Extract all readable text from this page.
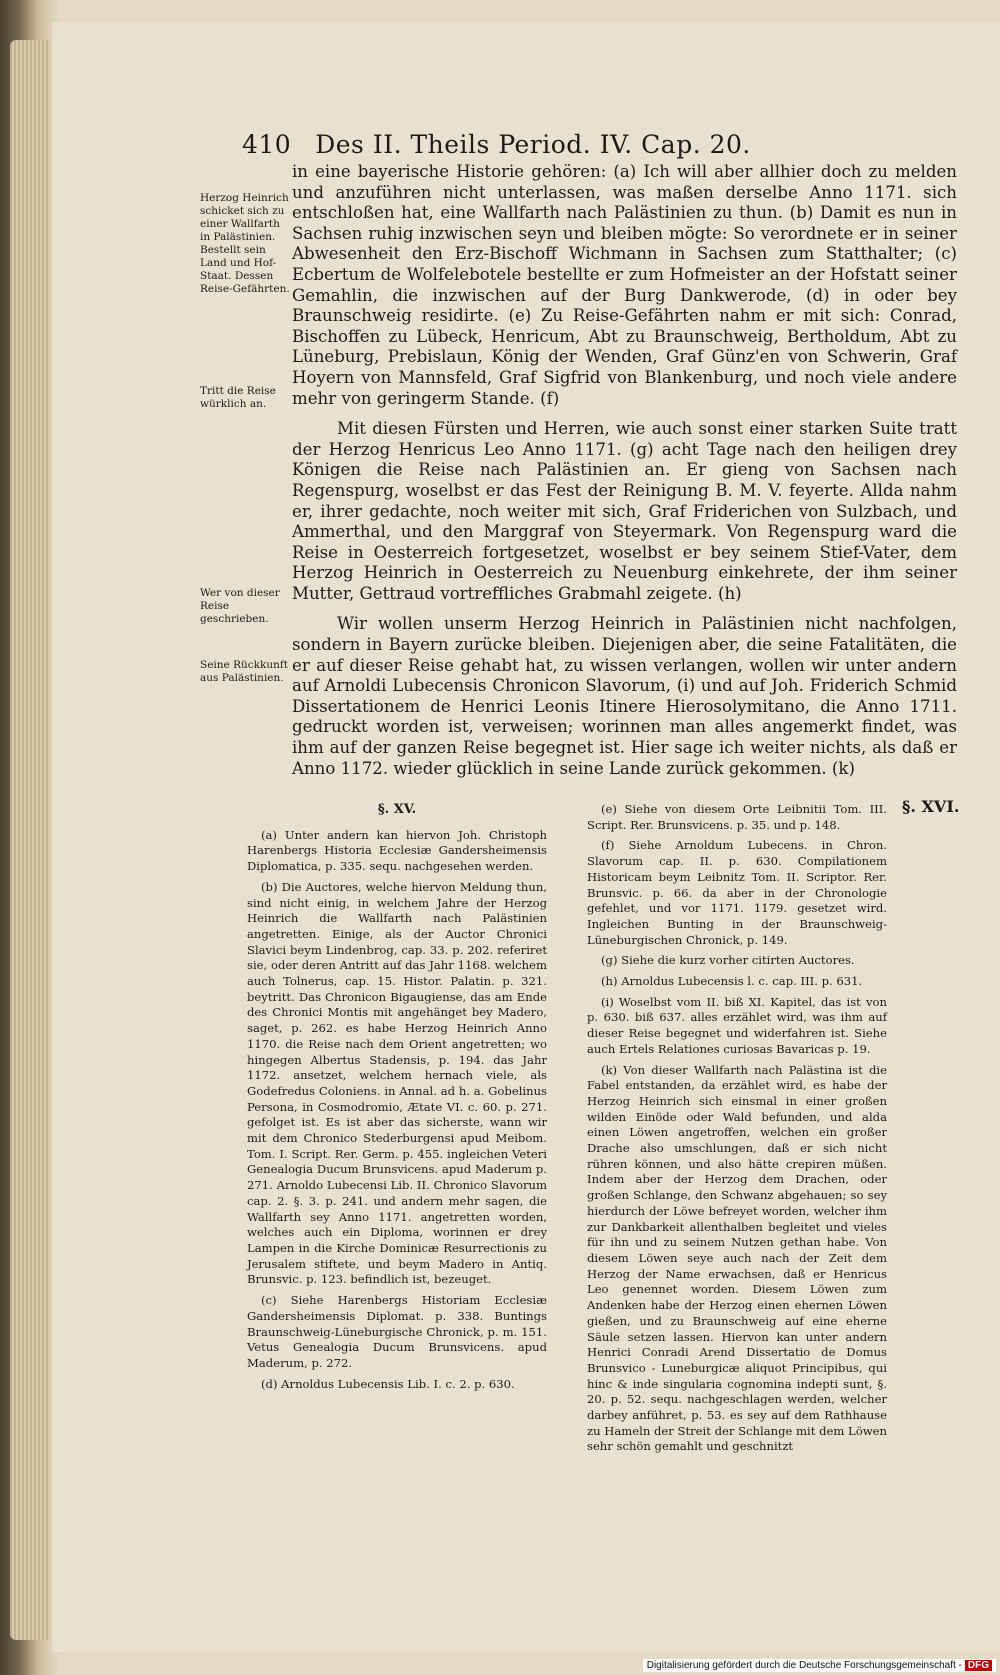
410 Des II. Theils Period. IV. Cap. 20.
Herzog Heinrich schicket sich zu einer Wallfarth in Palästinien. Bestellt sein Land und Hof-Staat. Dessen Reise-Gefährten.
Tritt die Reise würklich an.
Wer von dieser Reise geschrieben.
Seine Rückkunft aus Palästinien.

in eine bayerische Historie gehören: (a) Ich will aber allhier doch zu melden und anzuführen nicht unterlassen, was maßen derselbe Anno 1171. sich entschloßen hat, eine Wallfarth nach Palästinien zu thun. (b) Damit es nun in Sachsen ruhig inzwischen seyn und bleiben mögte: So verordnete er in seiner Abwesenheit den Erz-Bischoff Wichmann in Sachsen zum Statthalter; (c) Ecbertum de Wolfelebotele bestellte er zum Hofmeister an der Hofstatt seiner Gemahlin, die inzwischen auf der Burg Dankwerode, (d) in oder bey Braunschweig residirte. (e) Zu Reise-Gefährten nahm er mit sich: Conrad, Bischoffen zu Lübeck, Henricum, Abt zu Braunschweig, Bertholdum, Abt zu Lüneburg, Prebislaun, König der Wenden, Graf Günz'en von Schwerin, Graf Hoyern von Mannsfeld, Graf Sigfrid von Blankenburg, und noch viele andere mehr von geringerm Stande. (f)

Mit diesen Fürsten und Herren, wie auch sonst einer starken Suite tratt der Herzog Henricus Leo Anno 1171. (g) acht Tage nach den heiligen drey Königen die Reise nach Palästinien an. Er gieng von Sachsen nach Regenspurg, woselbst er das Fest der Reinigung B. M. V. feyerte. Allda nahm er, ihrer gedachte, noch weiter mit sich, Graf Friderichen von Sulzbach, und Ammerthal, und den Marggraf von Steyermark. Von Regenspurg ward die Reise in Oesterreich fortgesetzet, woselbst er bey seinem Stief-Vater, dem Herzog Heinrich in Oesterreich zu Neuenburg einkehrete, der ihm seiner Mutter, Gettraud vortreffliches Grabmahl zeigete. (h)

Wir wollen unserm Herzog Heinrich in Palästinien nicht nachfolgen, sondern in Bayern zurücke bleiben. Diejenigen aber, die seine Fatalitäten, die er auf dieser Reise gehabt hat, zu wissen verlangen, wollen wir unter andern auf Arnoldi Lubecensis Chronicon Slavorum, (i) und auf Joh. Friderich Schmid Dissertationem de Henrici Leonis Itinere Hierosolymitano, die Anno 1711. gedruckt worden ist, verweisen; worinnen man alles angemerkt findet, was ihm auf der ganzen Reise begegnet ist. Hier sage ich weiter nichts, als daß er Anno 1172. wieder glücklich in seine Lande zurück gekommen. (k)

§. XVI.

§. XV.

(a) Unter andern kan hiervon Joh. Christoph Harenbergs Historia Ecclesiæ Gandersheimensis Diplomatica, p. 335. sequ. nachgesehen werden.

(b) Die Auctores, welche hiervon Meldung thun, sind nicht einig, in welchem Jahre der Herzog Heinrich die Wallfarth nach Palästinien angetretten. Einige, als der Auctor Chronici Slavici beym Lindenbrog, cap. 33. p. 202. referiret sie, oder deren Antritt auf das Jahr 1168. welchem auch Tolnerus, cap. 15. Histor. Palatin. p. 321. beytritt. Das Chronicon Bigaugiense, das am Ende des Chronici Montis mit angehänget bey Madero, saget, p. 262. es habe Herzog Heinrich Anno 1170. die Reise nach dem Orient angetretten; wo hingegen Albertus Stadensis, p. 194. das Jahr 1172. ansetzet, welchem hernach viele, als Godefredus Coloniens. in Annal. ad h. a. Gobelinus Persona, in Cosmodromio, Ætate VI. c. 60. p. 271. gefolget ist. Es ist aber das sicherste, wann wir mit dem Chronico Stederburgensi apud Meibom. Tom. I. Script. Rer. Germ. p. 455. ingleichen Veteri Genealogia Ducum Brunsvicens. apud Maderum p. 271. Arnoldo Lubecensi Lib. II. Chronico Slavorum cap. 2. §. 3. p. 241. und andern mehr sagen, die Wallfarth sey Anno 1171. angetretten worden, welches auch ein Diploma, worinnen er drey Lampen in die Kirche Dominicæ Resurrectionis zu Jerusalem stiftete, und beym Madero in Antiq. Brunsvic. p. 123. befindlich ist, bezeuget.

(c) Siehe Harenbergs Historiam Ecclesiæ Gandersheimensis Diplomat. p. 338. Buntings Braunschweig-Lüneburgische Chronick, p. m. 151. Vetus Genealogia Ducum Brunsvicens. apud Maderum, p. 272.

(d) Arnoldus Lubecensis Lib. I. c. 2. p. 630.

(e) Siehe von diesem Orte Leibnitii Tom. III. Script. Rer. Brunsvicens. p. 35. und p. 148.

(f) Siehe Arnoldum Lubecens. in Chron. Slavorum cap. II. p. 630. Compilationem Historicam beym Leibnitz Tom. II. Scriptor. Rer. Brunsvic. p. 66. da aber in der Chronologie gefehlet, und vor 1171. 1179. gesetzet wird. Ingleichen Bunting in der Braunschweig-Lüneburgischen Chronick, p. 149.

(g) Siehe die kurz vorher citirten Auctores.

(h) Arnoldus Lubecensis l. c. cap. III. p. 631.

(i) Woselbst vom II. biß XI. Kapitel, das ist von p. 630. biß 637. alles erzählet wird, was ihm auf dieser Reise begegnet und widerfahren ist. Siehe auch Ertels Relationes curiosas Bavaricas p. 19.

(k) Von dieser Wallfarth nach Palästina ist die Fabel entstanden, da erzählet wird, es habe der Herzog Heinrich sich einsmal in einer großen wilden Einöde oder Wald befunden, und alda einen Löwen angetroffen, welchen ein großer Drache also umschlungen, daß er sich nicht rühren können, und also hätte crepiren müßen. Indem aber der Herzog dem Drachen, oder großen Schlange, den Schwanz abgehauen; so sey hierdurch der Löwe befreyet worden, welcher ihm zur Dankbarkeit allenthalben begleitet und vieles für ihn und zu seinem Nutzen gethan habe. Von diesem Löwen seye auch nach der Zeit dem Herzog der Name erwachsen, daß er Henricus Leo genennet worden. Diesem Löwen zum Andenken habe der Herzog einen ehernen Löwen gießen, und zu Braunschweig auf eine eherne Säule setzen lassen. Hiervon kan unter andern Henrici Conradi Arend Dissertatio de Domus Brunsvico - Luneburgicæ aliquot Principibus, qui hinc & inde singularia cognomina indepti sunt, §. 20. p. 52. sequ. nachgeschlagen werden, welcher darbey anführet, p. 53. es sey auf dem Rathhause zu Hameln der Streit der Schlange mit dem Löwen sehr schön gemahlt und geschnitzt

Digitalisierung gefördert durch die Deutsche Forschungsgemeinschaft - DFG
